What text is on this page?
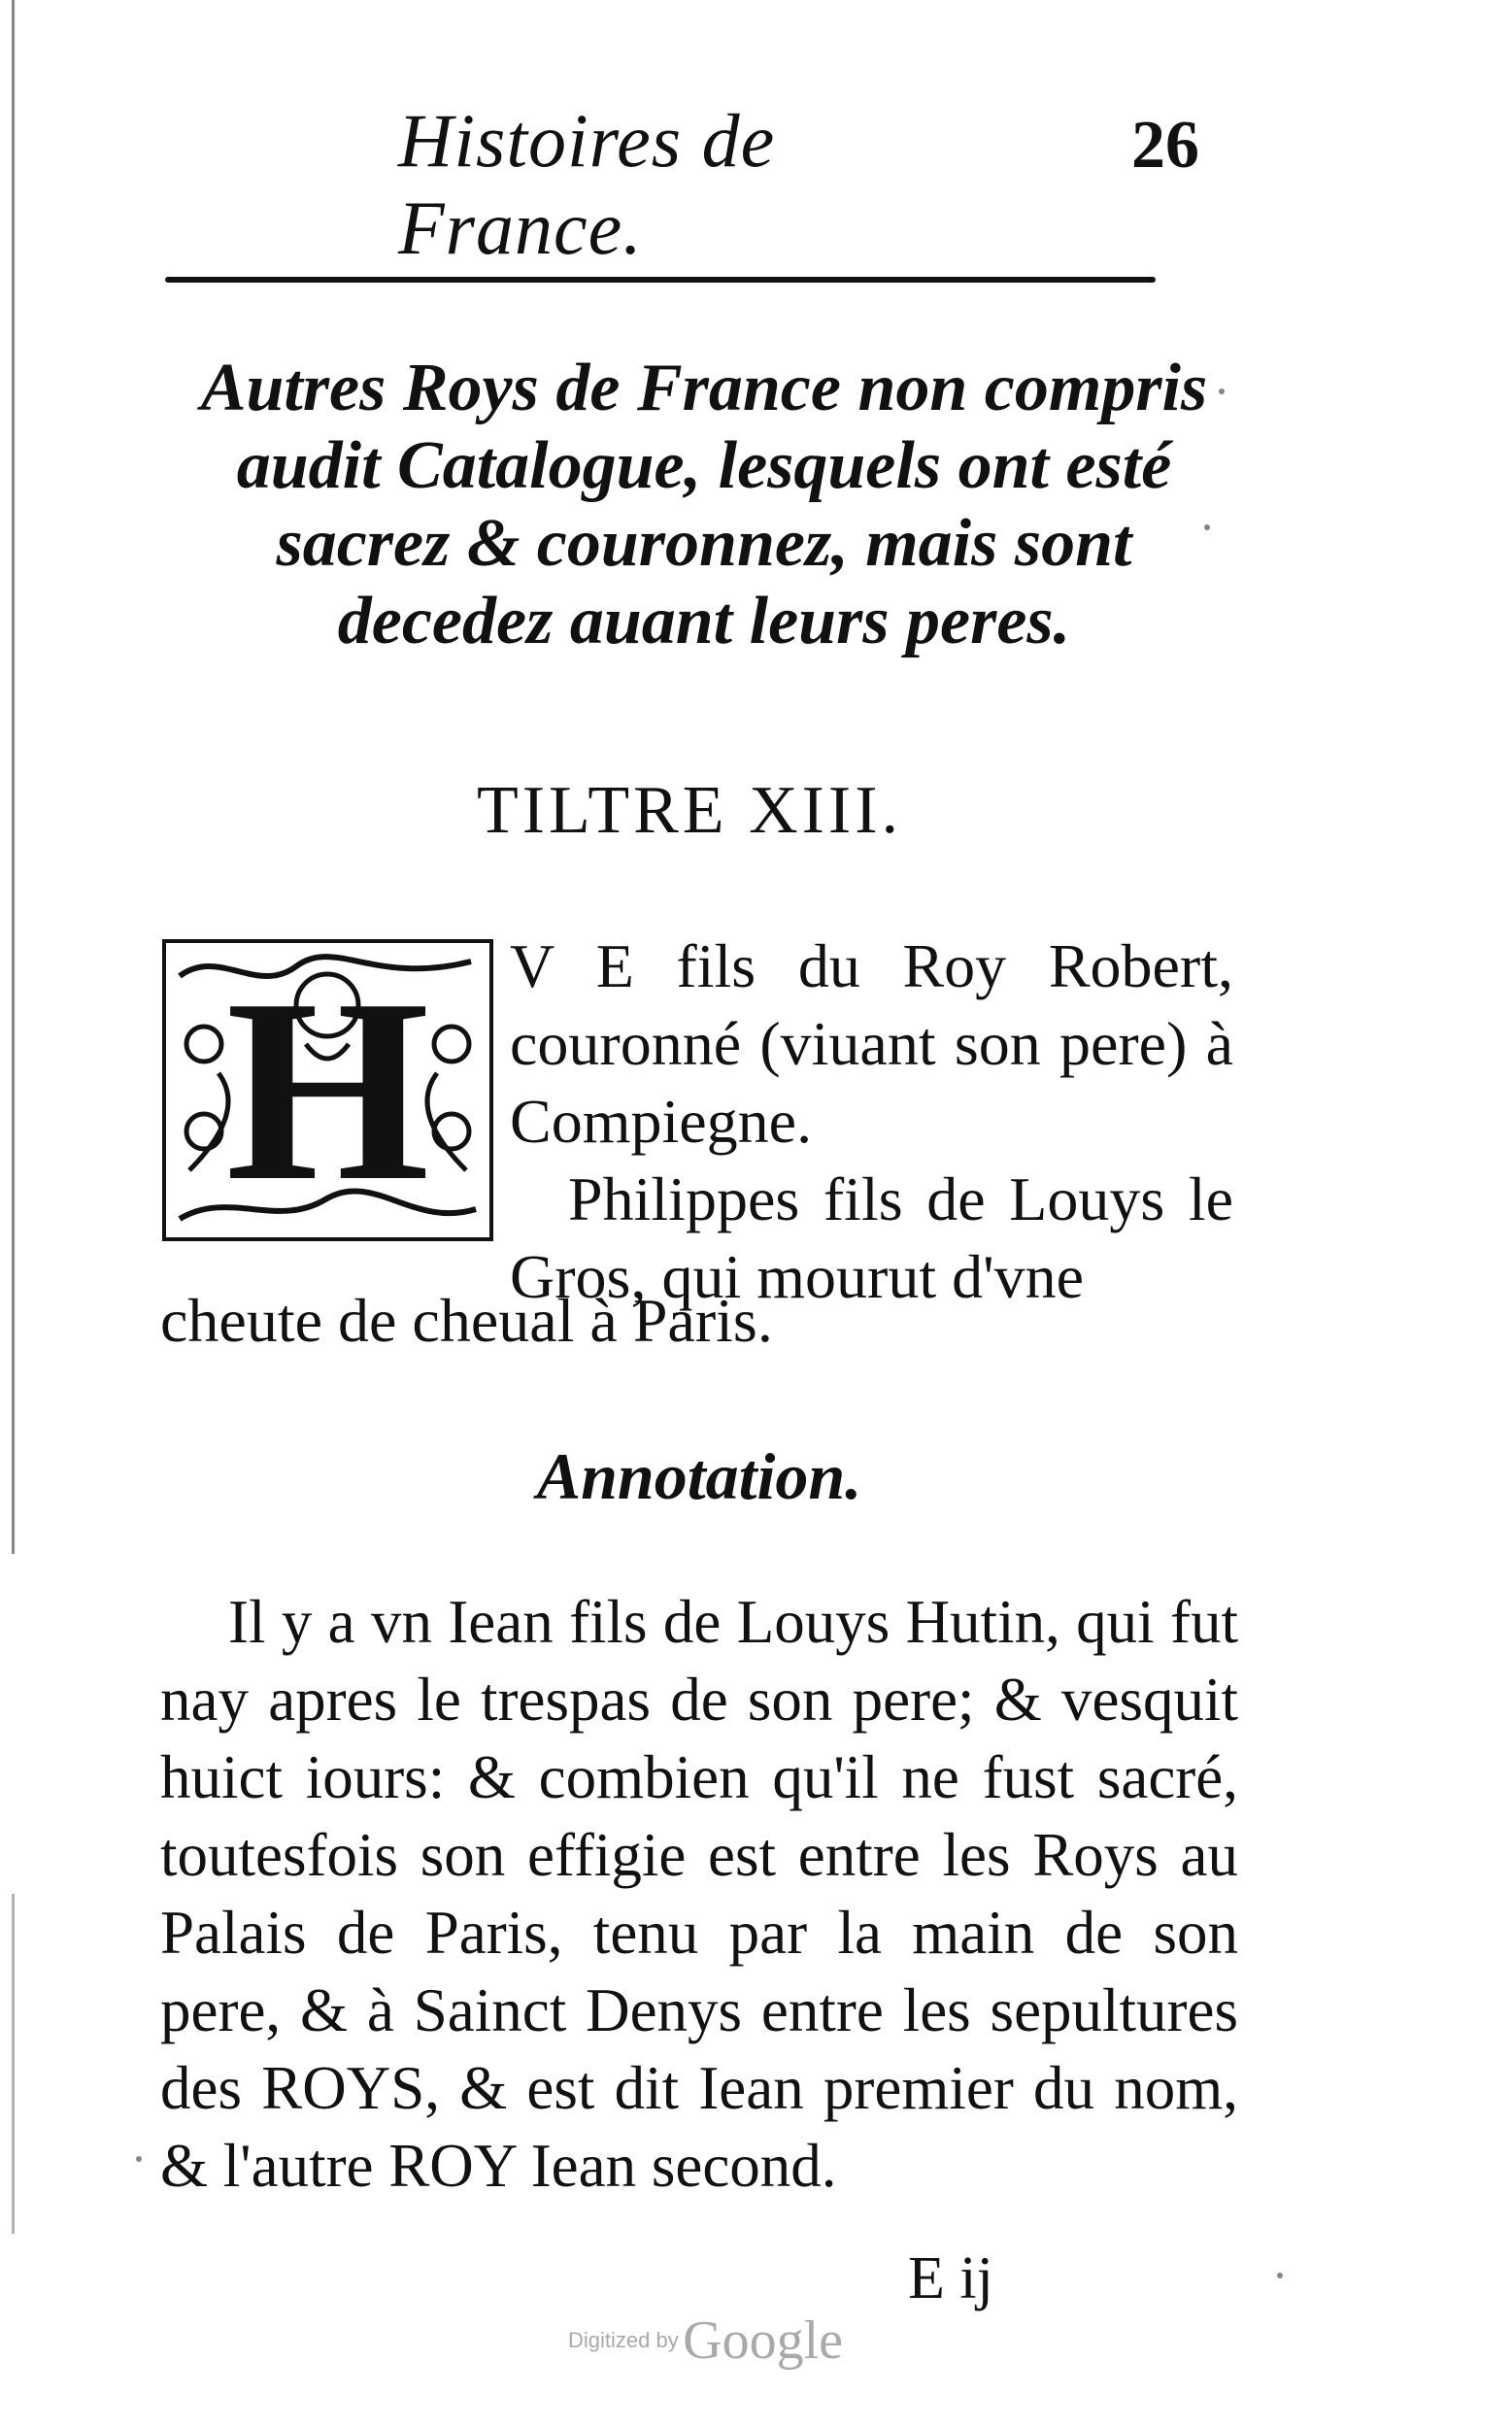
Histoires de France.
26
Autres Roys de France non compris audit Catalogue, lesquels ont esté sacrez & couronnez, mais sont decedez auant leurs peres.
TILTRE XIII.
H	V E fils du Roy Robert, couronné (viuant son pere) à Compiegne.

Philippes fils de Louys le Gros, qui mourut d'vne

cheute de cheual à Paris.
Annotation.

Il y a vn Iean fils de Louys Hutin, qui fut nay apres le trespas de son pere; & vesquit huict iours: & combien qu'il ne fust sacré, toutesfois son effigie est entre les Roys au Palais de Paris, tenu par la main de son pere, & à Sainct Denys entre les sepultures des ROYS, & est dit Iean premier du nom, & l'autre ROY Iean second.

E ij
Digitized by Google
